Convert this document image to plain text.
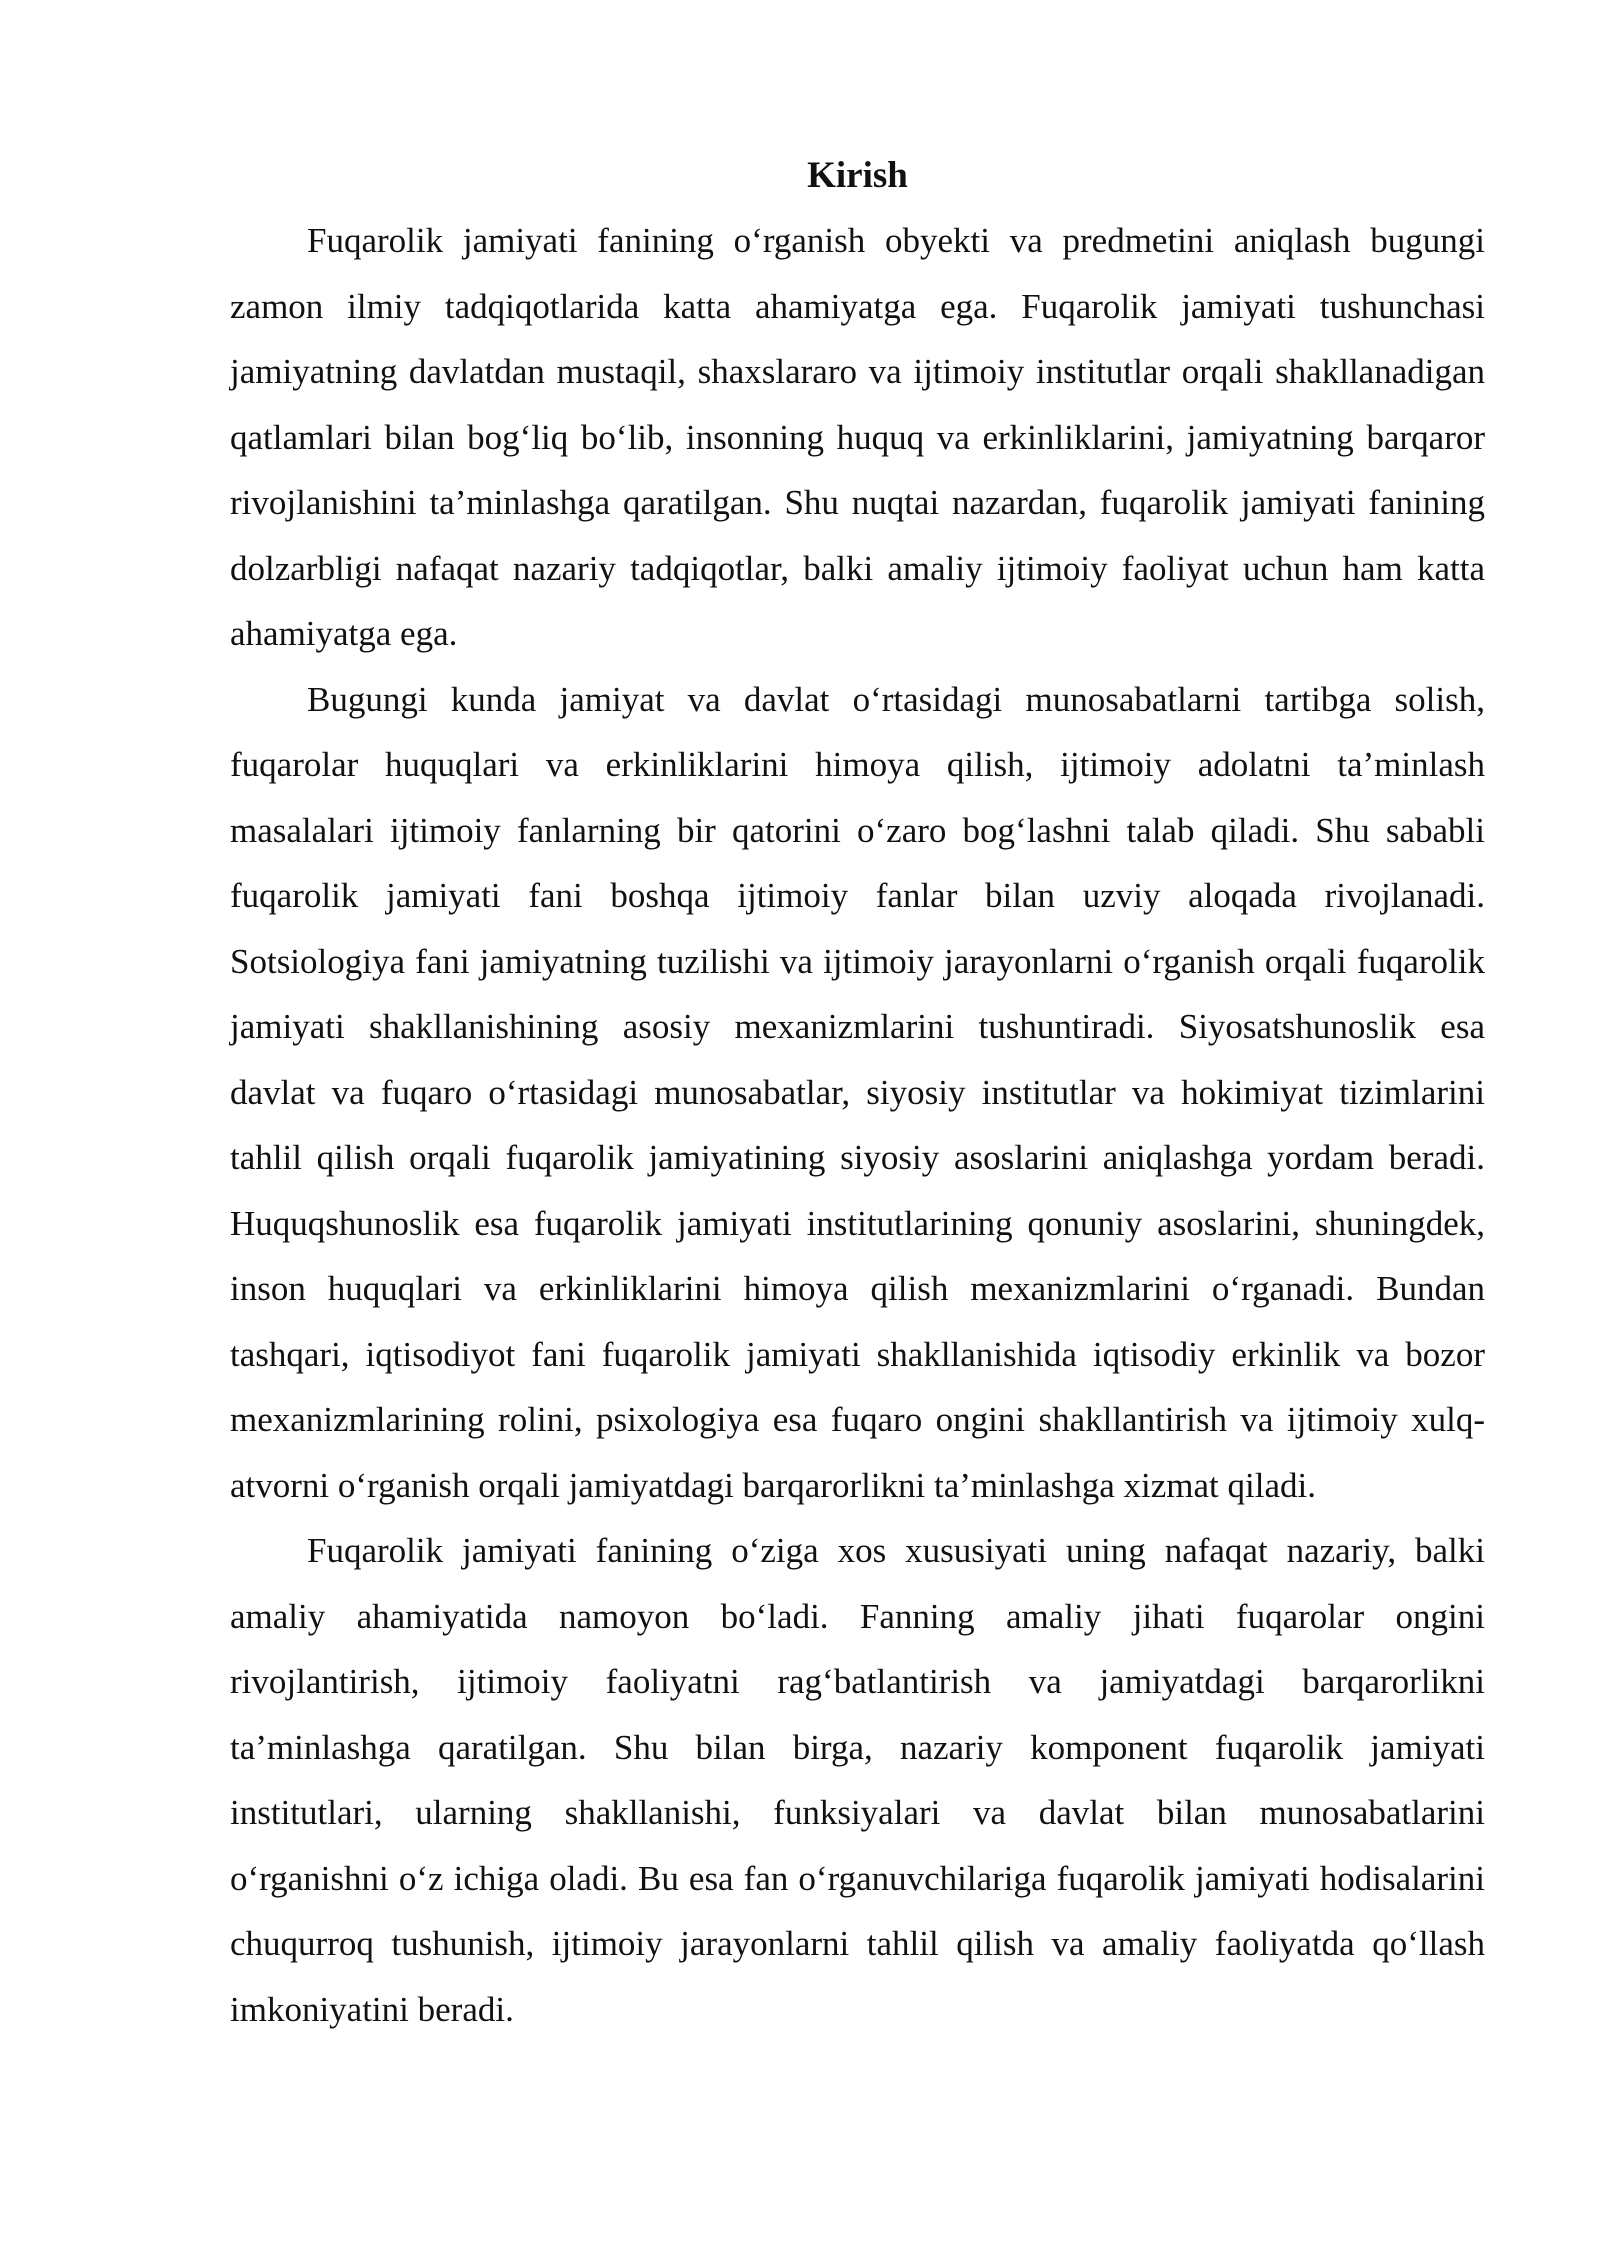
Kirish

Fuqarolik jamiyati fanining o‘rganish obyekti va predmetini aniqlash bugungi zamon ilmiy tadqiqotlarida katta ahamiyatga ega. Fuqarolik jamiyati tushunchasi jamiyatning davlatdan mustaqil, shaxslararo va ijtimoiy institutlar orqali shakllanadigan qatlamlari bilan bog‘liq bo‘lib, insonning huquq va erkinliklarini, jamiyatning barqaror rivojlanishini ta’minlashga qaratilgan. Shu nuqtai nazardan, fuqarolik jamiyati fanining dolzarbligi nafaqat nazariy tadqiqotlar, balki amaliy ijtimoiy faoliyat uchun ham katta ahamiyatga ega.

Bugungi kunda jamiyat va davlat o‘rtasidagi munosabatlarni tartibga solish, fuqarolar huquqlari va erkinliklarini himoya qilish, ijtimoiy adolatni ta’minlash masalalari ijtimoiy fanlarning bir qatorini o‘zaro bog‘lashni talab qiladi. Shu sababli fuqarolik jamiyati fani boshqa ijtimoiy fanlar bilan uzviy aloqada rivojlanadi. Sotsiologiya fani jamiyatning tuzilishi va ijtimoiy jarayonlarni o‘rganish orqali fuqarolik jamiyati shakllanishining asosiy mexanizmlarini tushuntiradi. Siyosatshunoslik esa davlat va fuqaro o‘rtasidagi munosabatlar, siyosiy institutlar va hokimiyat tizimlarini tahlil qilish orqali fuqarolik jamiyatining siyosiy asoslarini aniqlashga yordam beradi. Huquqshunoslik esa fuqarolik jamiyati institutlarining qonuniy asoslarini, shuningdek, inson huquqlari va erkinliklarini himoya qilish mexanizmlarini o‘rganadi. Bundan tashqari, iqtisodiyot fani fuqarolik jamiyati shakllanishida iqtisodiy erkinlik va bozor mexanizmlarining rolini, psixologiya esa fuqaro ongini shakllantirish va ijtimoiy xulq-atvorni o‘rganish orqali jamiyatdagi barqarorlikni ta’minlashga xizmat qiladi.

Fuqarolik jamiyati fanining o‘ziga xos xususiyati uning nafaqat nazariy, balki amaliy ahamiyatida namoyon bo‘ladi. Fanning amaliy jihati fuqarolar ongini rivojlantirish, ijtimoiy faoliyatni rag‘batlantirish va jamiyatdagi barqarorlikni ta’minlashga qaratilgan. Shu bilan birga, nazariy komponent fuqarolik jamiyati institutlari, ularning shakllanishi, funksiyalari va davlat bilan munosabatlarini o‘rganishni o‘z ichiga oladi. Bu esa fan o‘rganuvchilariga fuqarolik jamiyati hodisalarini chuqurroq tushunish, ijtimoiy jarayonlarni tahlil qilish va amaliy faoliyatda qo‘llash imkoniyatini beradi.
